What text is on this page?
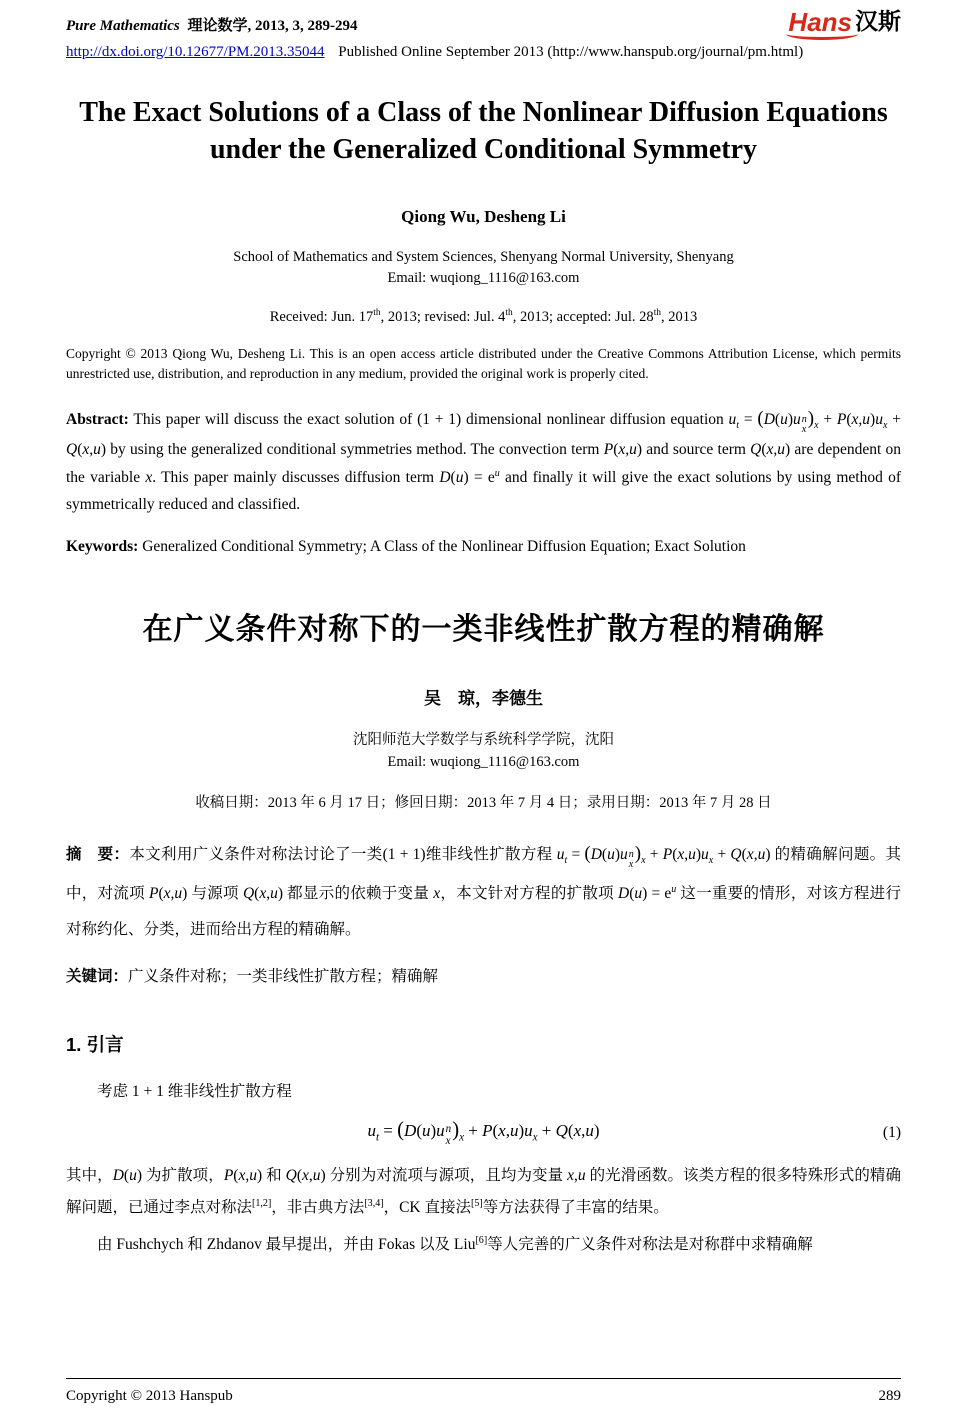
Pure Mathematics 理论数学, 2013, 3, 289-294	Hans 汉斯
http://dx.doi.org/10.12677/PM.2013.35044 Published Online September 2013 (http://www.hanspub.org/journal/pm.html)
The Exact Solutions of a Class of the Nonlinear Diffusion Equations under the Generalized Conditional Symmetry
Qiong Wu, Desheng Li
School of Mathematics and System Sciences, Shenyang Normal University, Shenyang
Email: wuqiong_1116@163.com
Received: Jun. 17th, 2013; revised: Jul. 4th, 2013; accepted: Jul. 28th, 2013

Copyright © 2013 Qiong Wu, Desheng Li. This is an open access article distributed under the Creative Commons Attribution License, which permits unrestricted use, distribution, and reproduction in any medium, provided the original work is properly cited.

Abstract: This paper will discuss the exact solution of (1 + 1) dimensional nonlinear diffusion equation $u_t = (D(u)u$ n
x
)$_x + P(x,u)u_x + Q(x,u)$ by using the generalized conditional symmetries method. The convection term P(x,u) and source term Q(x,u) are dependent on the variable x. This paper mainly discusses diffusion term $D(u) = e^u$ and finally it will give the exact solutions by using method of symmetrically reduced and classified.

Keywords: Generalized Conditional Symmetry; A Class of the Nonlinear Diffusion Equation; Exact Solution

在广义条件对称下的一类非线性扩散方程的精确解
吴　琼，李德生
沈阳师范大学数学与系统科学学院，沈阳
Email: wuqiong_1116@163.com
收稿日期：2013 年 6 月 17 日；修回日期：2013 年 7 月 4 日；录用日期：2013 年 7 月 28 日

摘　要：本文利用广义条件对称法讨论了一类(1 + 1)维非线性扩散方程 $u_t = (D(u)u$ n
x
)$_x + P(x,u)u_x + Q(x,u)$ 的精确解问题。其中，对流项 P(x,u) 与源项 Q(x,u) 都显示的依赖于变量 x，本文针对方程的扩散项 $D(u) = e^u$ 这一重要的情形，对该方程进行对称约化、分类，进而给出方程的精确解。

关键词：广义条件对称；一类非线性扩散方程；精确解

1. 引言

考虑 1 + 1 维非线性扩散方程

$u_t = (D(u)u$ n
x
)$_x + P(x,u)u_x + Q(x,u)$	(1)

其中，D(u) 为扩散项，P(x,u) 和 Q(x,u) 分别为对流项与源项，且均为变量 x,u 的光滑函数。该类方程的很多特殊形式的精确解问题，已通过李点对称法[1,2]，非古典方法[3,4]，CK 直接法[5]等方法获得了丰富的结果。

由 Fushchych 和 Zhdanov 最早提出，并由 Fokas 以及 Liu[6]等人完善的广义条件对称法是对称群中求精确解

Copyright © 2013 Hanspub	289
